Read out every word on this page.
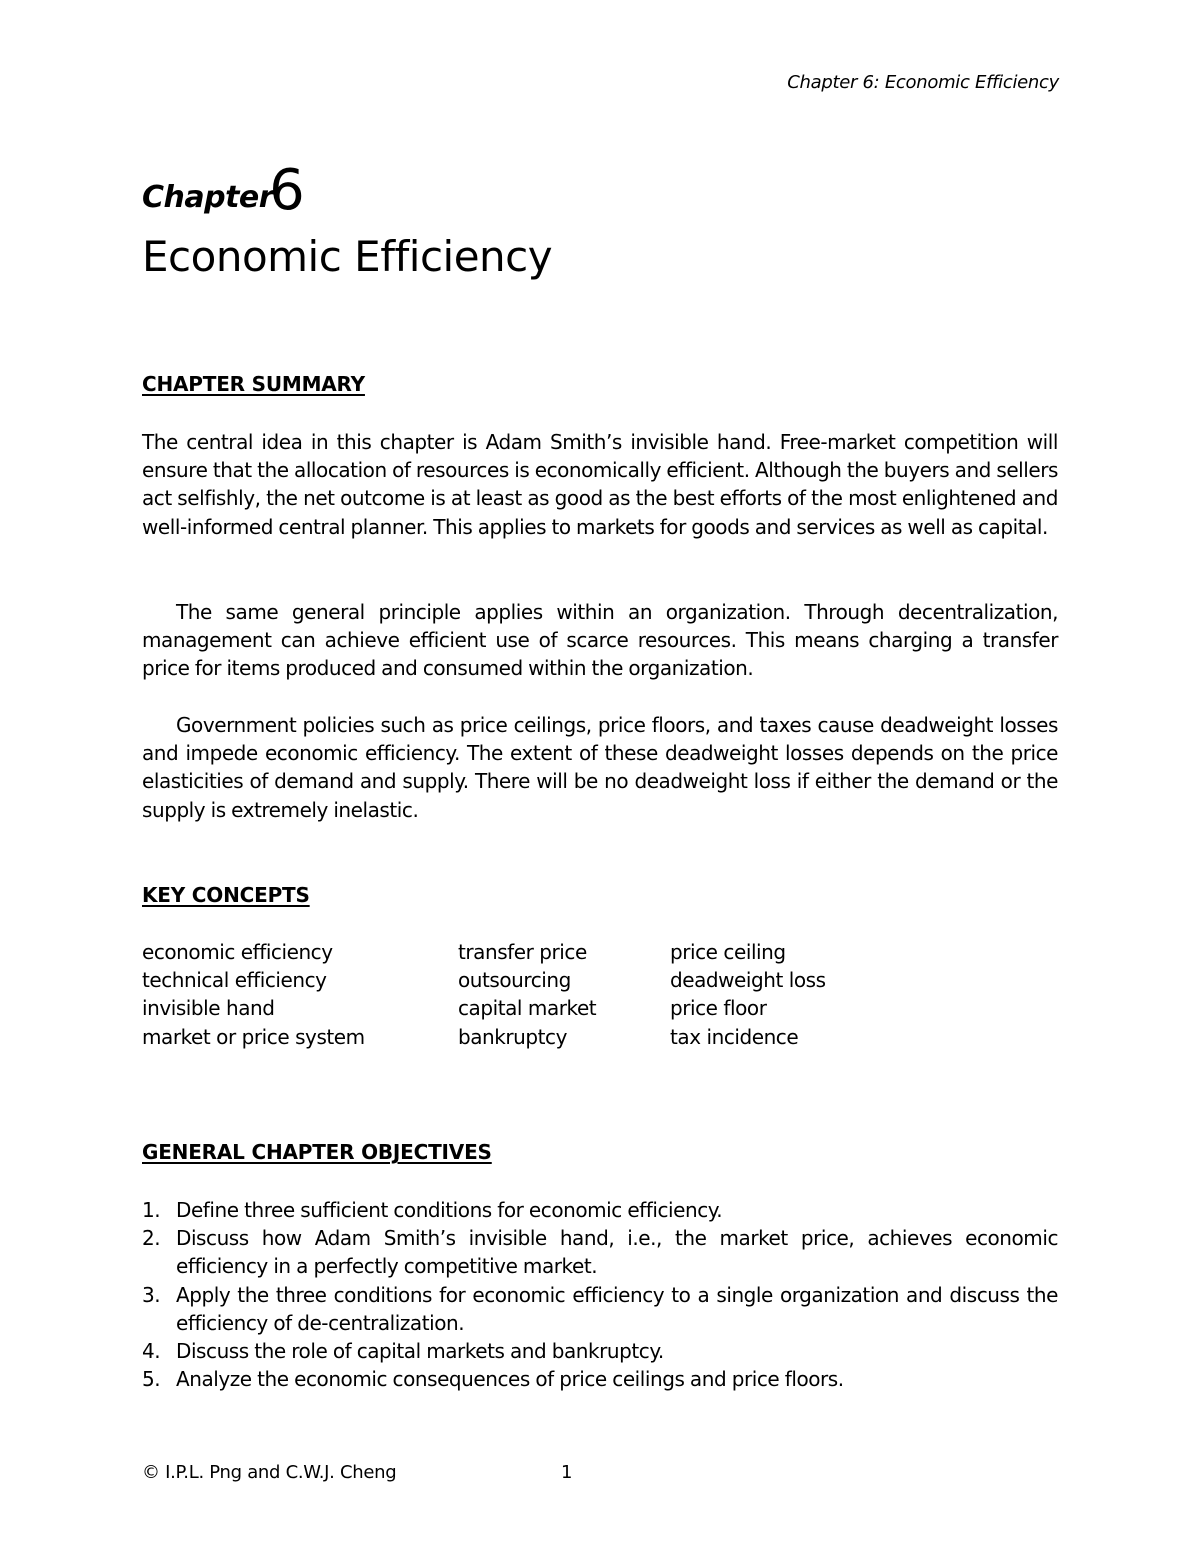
Chapter 6: Economic Efficiency
Chapter6
Economic Efficiency
CHAPTER SUMMARY

The central idea in this chapter is Adam Smith’s invisible hand. Free-market competition will ensure that the allocation of resources is economically efficient. Although the buyers and sellers act selfishly, the net outcome is at least as good as the best efforts of the most enlightened and well-informed central planner. This applies to markets for goods and services as well as capital.

The same general principle applies within an organization. Through decentralization, management can achieve efficient use of scarce resources. This means charging a transfer price for items produced and consumed within the organization.

Government policies such as price ceilings, price floors, and taxes cause deadweight losses and impede economic efficiency. The extent of these deadweight losses depends on the price elasticities of demand and supply. There will be no deadweight loss if either the demand or the supply is extremely inelastic.

KEY CONCEPTS
economic efficiency
technical efficiency
invisible hand
market or price system
transfer price
outsourcing
capital market
bankruptcy
price ceiling
deadweight loss
price floor
tax incidence
GENERAL CHAPTER OBJECTIVES
1. Define three sufficient conditions for economic efficiency.
2. Discuss how Adam Smith’s invisible hand, i.e., the market price, achieves economic efficiency in a perfectly competitive market.
3. Apply the three conditions for economic efficiency to a single organization and discuss the efficiency of de-centralization.
4. Discuss the role of capital markets and bankruptcy.
5. Analyze the economic consequences of price ceilings and price floors.
© I.P.L. Png and C.W.J. Cheng	1
